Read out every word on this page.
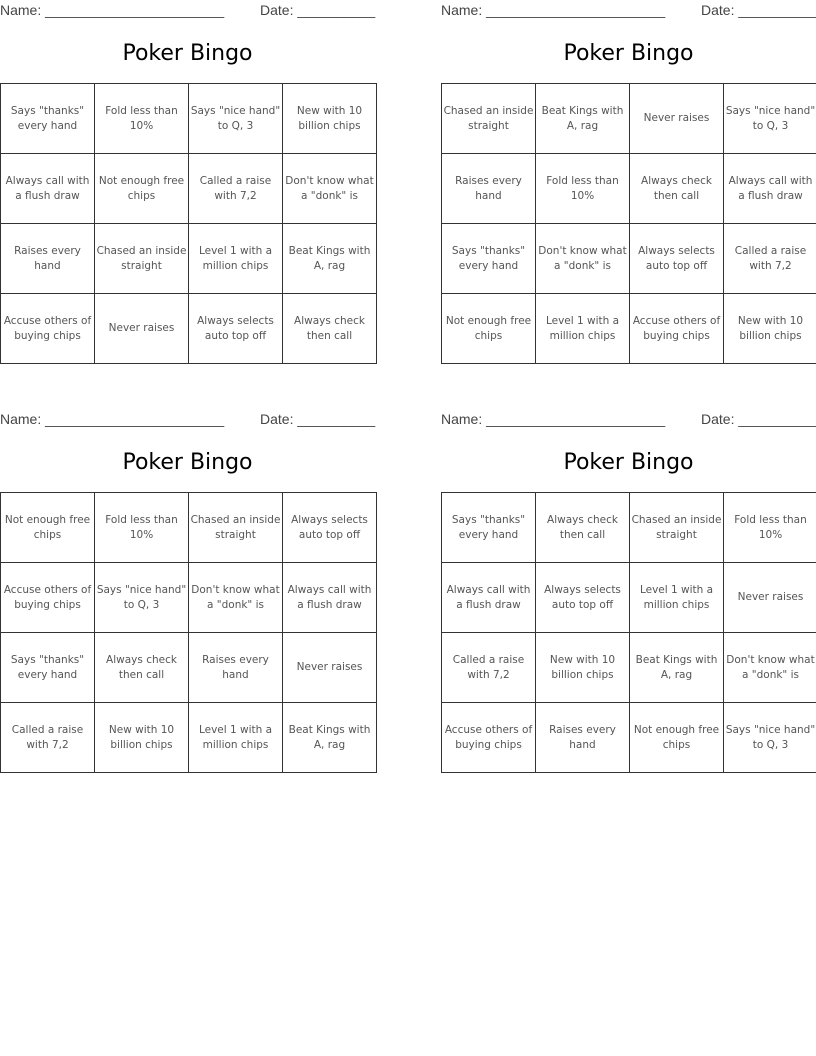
Name: _______________________	Date: __________
Poker Bingo
Says "thanks" every hand	Fold less than 10%	Says "nice hand" to Q, 3	New with 10 billion chips
Always call with a flush draw	Not enough free chips	Called a raise with 7,2	Don't know what a "donk" is
Raises every hand	Chased an inside straight	Level 1 with a million chips	Beat Kings with A, rag
Accuse others of buying chips	Never raises	Always selects auto top off	Always check then call
Name: _______________________	Date: __________
Poker Bingo
Chased an inside straight	Beat Kings with A, rag	Never raises	Says "nice hand" to Q, 3
Raises every hand	Fold less than 10%	Always check then call	Always call with a flush draw
Says "thanks" every hand	Don't know what a "donk" is	Always selects auto top off	Called a raise with 7,2
Not enough free chips	Level 1 with a million chips	Accuse others of buying chips	New with 10 billion chips
Name: _______________________	Date: __________
Poker Bingo
Not enough free chips	Fold less than 10%	Chased an inside straight	Always selects auto top off
Accuse others of buying chips	Says "nice hand" to Q, 3	Don't know what a "donk" is	Always call with a flush draw
Says "thanks" every hand	Always check then call	Raises every hand	Never raises
Called a raise with 7,2	New with 10 billion chips	Level 1 with a million chips	Beat Kings with A, rag
Name: _______________________	Date: __________
Poker Bingo
Says "thanks" every hand	Always check then call	Chased an inside straight	Fold less than 10%
Always call with a flush draw	Always selects auto top off	Level 1 with a million chips	Never raises
Called a raise with 7,2	New with 10 billion chips	Beat Kings with A, rag	Don't know what a "donk" is
Accuse others of buying chips	Raises every hand	Not enough free chips	Says "nice hand" to Q, 3
